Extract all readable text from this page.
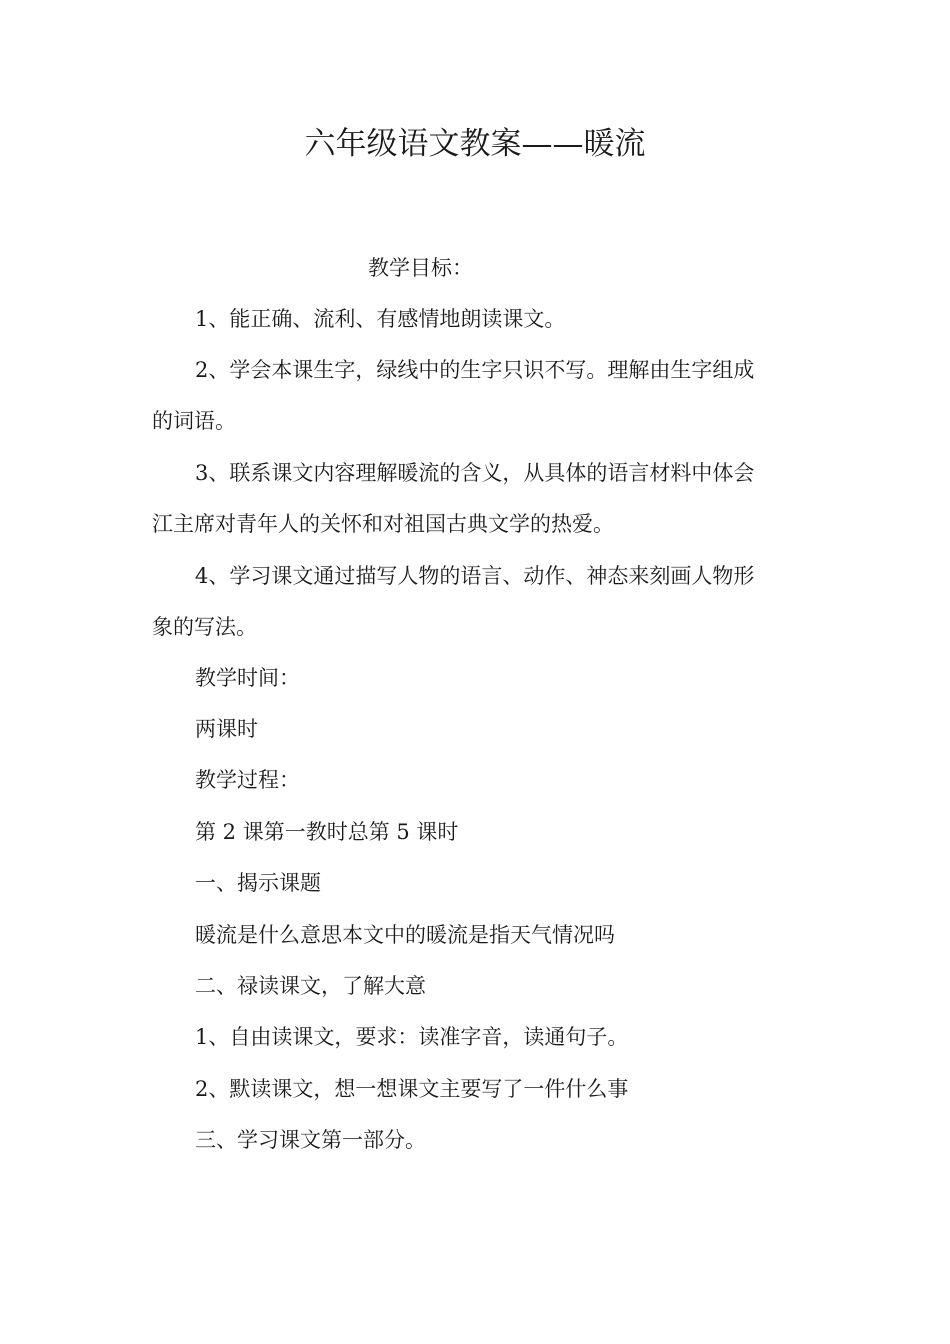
六年级语文教案——暖流
教学目标：
1、能正确、流利、有感情地朗读课文。
2、学会本课生字，绿线中的生字只识不写。理解由生字组成
的词语。
3、联系课文内容理解暖流的含义，从具体的语言材料中体会
江主席对青年人的关怀和对祖国古典文学的热爱。
4、学习课文通过描写人物的语言、动作、神态来刻画人物形
象的写法。
教学时间：
两课时
教学过程：
第 2 课第一教时总第 5 课时
一、揭示课题
暖流是什么意思本文中的暖流是指天气情况吗
二、禄读课文，了解大意
1、自由读课文，要求：读准字音，读通句子。
2、默读课文，想一想课文主要写了一件什么事
三、学习课文第一部分。
